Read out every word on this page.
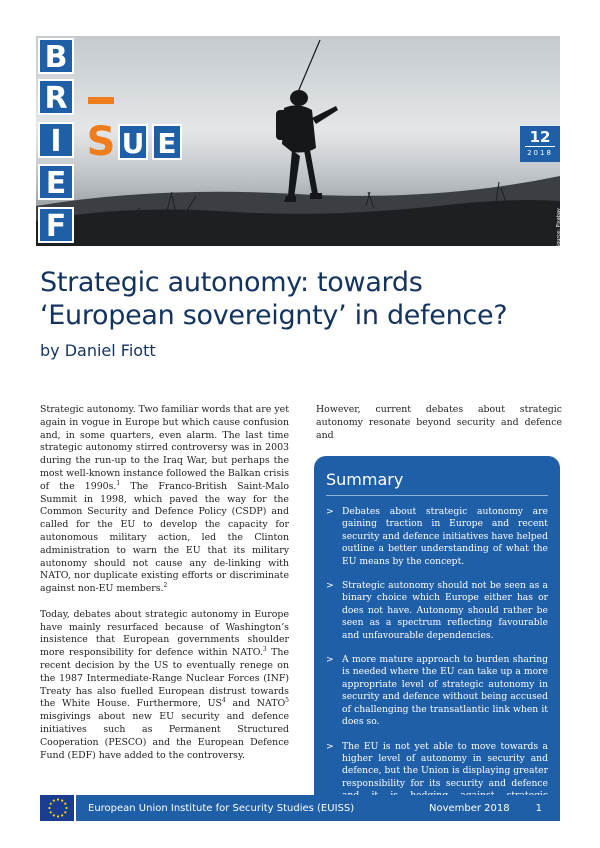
Source: Pixabay
B
R
I
E
F
S U E	12
2018
Strategic autonomy: towards
‘European sovereignty’ in defence?
by Daniel Fiott

Strategic autonomy. Two familiar words that are yet again in vogue in Europe but which cause confusion and, in some quarters, even alarm. The last time strategic autonomy stirred controversy was in 2003 during the run-up to the Iraq War, but perhaps the most well-known instance followed the Balkan crisis of the 1990s.$^1$ The Franco-British Saint-Malo Summit in 1998, which paved the way for the Common Security and Defence Policy (CSDP) and called for the EU to develop the capacity for autonomous military action, led the Clinton administration to warn the EU that its military autonomy should not cause any de-linking with NATO, nor duplicate existing efforts or discriminate against non-EU members.$^2$

Today, debates about strategic autonomy in Europe have mainly resurfaced because of Washington’s insistence that European governments shoulder more responsibility for defence within NATO.$^3$ The recent decision by the US to eventually renege on the 1987 Intermediate-Range Nuclear Forces (INF) Treaty has also fuelled European distrust towards the White House. Furthermore, $US^4$ and NATO$^5$ misgivings about new EU security and defence initiatives such as Permanent Structured Cooperation (PESCO) and the European Defence Fund (EDF) have added to the controversy.

However, current debates about strategic autonomy resonate beyond security and defence and

Summary
> Debates about strategic autonomy are gaining traction in Europe and recent security and defence initiatives have helped outline a better understanding of what the EU means by the concept.
> Strategic autonomy should not be seen as a binary choice which Europe either has or does not have. Autonomy should rather be seen as a spectrum reflecting favourable and unfavourable dependencies.
> A more mature approach to burden sharing is needed where the EU can take up a more appropriate level of strategic autonomy in security and defence without being accused of challenging the transatlantic link when it does so.
> The EU is not yet able to move towards a higher level of autonomy in security and defence, but the Union is displaying greater responsibility for its security and defence
European Union Institute for Security Studies (EUISS)	November 2018	1
